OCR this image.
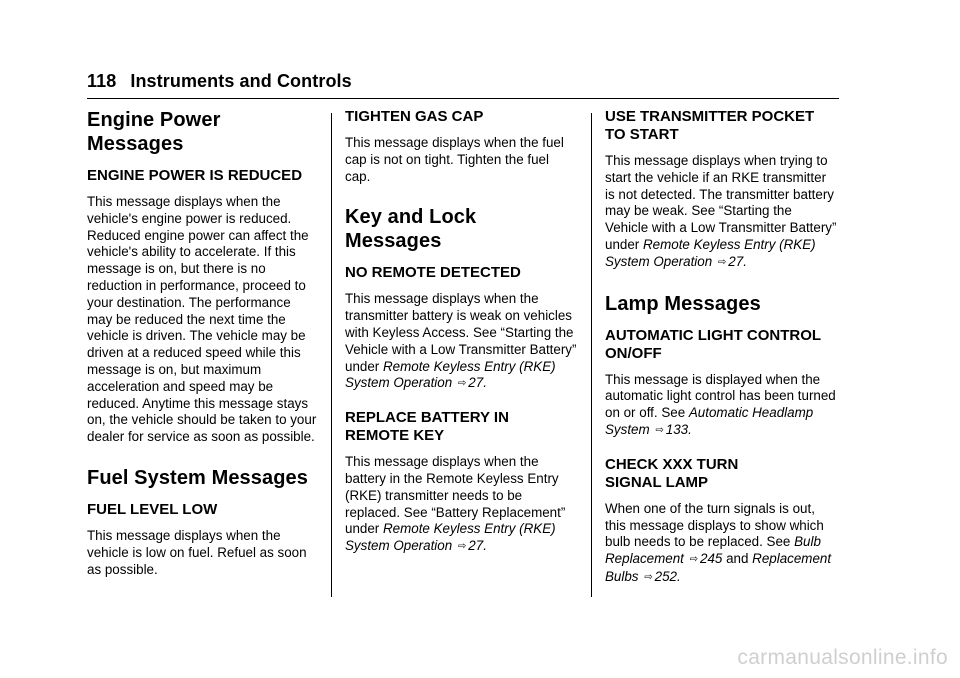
118 Instruments and Controls
Engine Power Messages
ENGINE POWER IS REDUCED

This message displays when the vehicle's engine power is reduced. Reduced engine power can affect the vehicle's ability to accelerate. If this message is on, but there is no reduction in performance, proceed to your destination. The performance may be reduced the next time the vehicle is driven. The vehicle may be driven at a reduced speed while this message is on, but maximum acceleration and speed may be reduced. Anytime this message stays on, the vehicle should be taken to your dealer for service as soon as possible.

Fuel System Messages
FUEL LEVEL LOW

This message displays when the vehicle is low on fuel. Refuel as soon as possible.

TIGHTEN GAS CAP

This message displays when the fuel cap is not on tight. Tighten the fuel cap.

Key and Lock Messages
NO REMOTE DETECTED

This message displays when the transmitter battery is weak on vehicles with Keyless Access. See “Starting the Vehicle with a Low Transmitter Battery” under Remote Keyless Entry (RKE) System Operation ⇨ 27.

REPLACE BATTERY IN
REMOTE KEY

This message displays when the battery in the Remote Keyless Entry (RKE) transmitter needs to be replaced. See “Battery Replacement” under Remote Keyless Entry (RKE) System Operation ⇨ 27.

USE TRANSMITTER POCKET
TO START

This message displays when trying to start the vehicle if an RKE transmitter is not detected. The transmitter battery may be weak. See “Starting the Vehicle with a Low Transmitter Battery” under Remote Keyless Entry (RKE) System Operation ⇨ 27.

Lamp Messages
AUTOMATIC LIGHT CONTROL
ON/OFF

This message is displayed when the automatic light control has been turned on or off. See Automatic Headlamp System ⇨ 133.

CHECK XXX TURN
SIGNAL LAMP

When one of the turn signals is out, this message displays to show which bulb needs to be replaced. See Bulb Replacement ⇨ 245 and Replacement Bulbs ⇨ 252.

carmanualsonline.info
